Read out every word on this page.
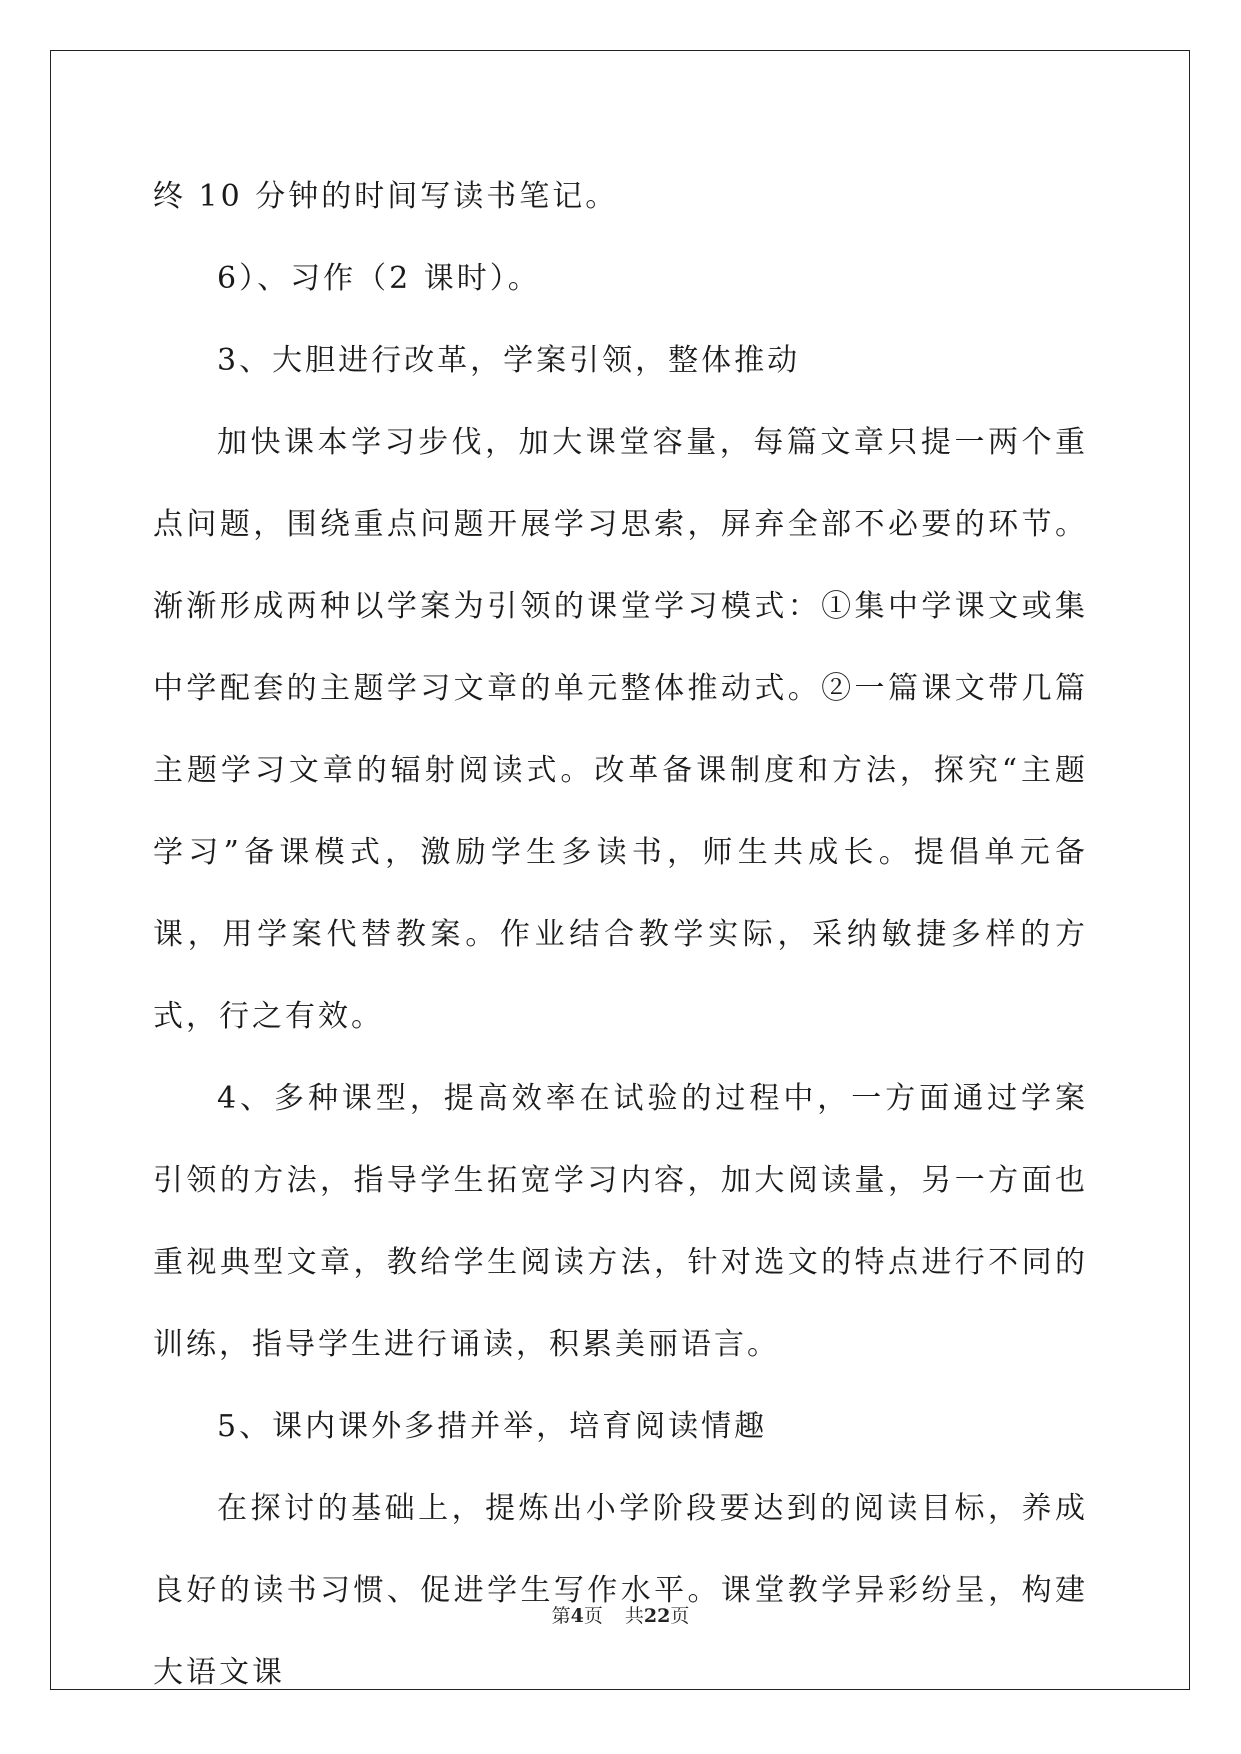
终 10 分钟的时间写读书笔记。

6）、习作（2 课时）。

3、大胆进行改革，学案引领，整体推动

加快课本学习步伐，加大课堂容量，每篇文章只提一两个重点问题，围绕重点问题开展学习思索，屏弃全部不必要的环节。渐渐形成两种以学案为引领的课堂学习模式：①集中学课文或集中学配套的主题学习文章的单元整体推动式。②一篇课文带几篇主题学习文章的辐射阅读式。改革备课制度和方法，探究“主题学习”备课模式，激励学生多读书，师生共成长。提倡单元备课，用学案代替教案。作业结合教学实际，采纳敏捷多样的方式，行之有效。

4、多种课型，提高效率在试验的过程中，一方面通过学案引领的方法，指导学生拓宽学习内容，加大阅读量，另一方面也重视典型文章，教给学生阅读方法，针对选文的特点进行不同的训练，指导学生进行诵读，积累美丽语言。

5、课内课外多措并举，培育阅读情趣

在探讨的基础上，提炼出小学阶段要达到的阅读目标，养成良好的读书习惯、促进学生写作水平。课堂教学异彩纷呈，构建大语文课

第4页 共22页
